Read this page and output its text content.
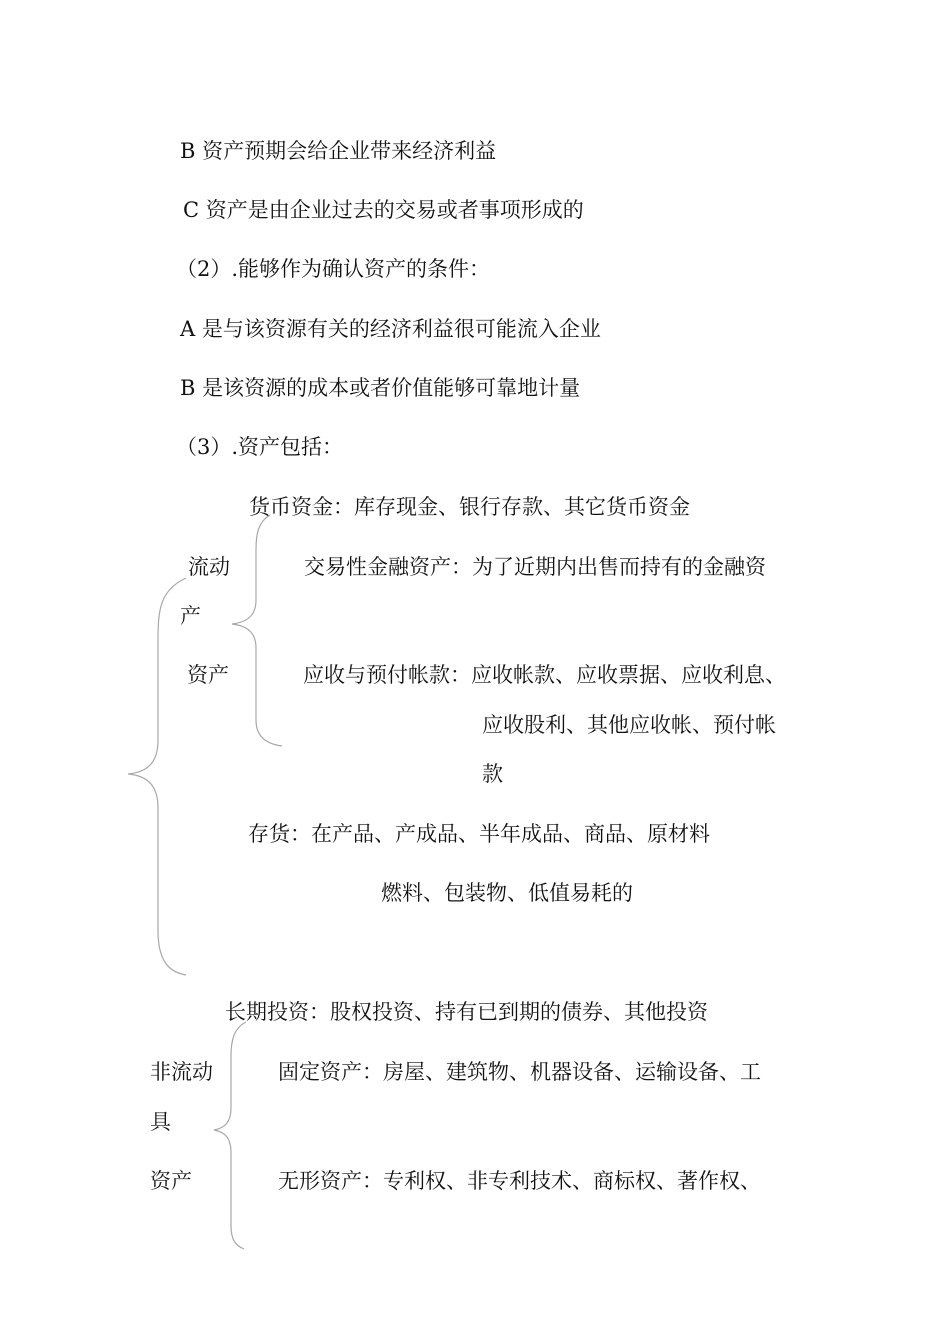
B 资产预期会给企业带来经济利益
C 资产是由企业过去的交易或者事项形成的
（2）.能够作为确认资产的条件：
A 是与该资源有关的经济利益很可能流入企业
B 是该资源的成本或者价值能够可靠地计量
（3）.资产包括：
货币资金：库存现金、银行存款、其它货币资金
流动	交易性金融资产：为了近期内出售而持有的金融资
产
资产	应收与预付帐款：应收帐款、应收票据、应收利息、
应收股利、其他应收帐、预付帐
款
存货：在产品、产成品、半年成品、商品、原材料
燃料、包装物、低值易耗的
长期投资：股权投资、持有已到期的债券、其他投资
非流动	固定资产：房屋、建筑物、机器设备、运输设备、工
具
资产	无形资产：专利权、非专利技术、商标权、著作权、
